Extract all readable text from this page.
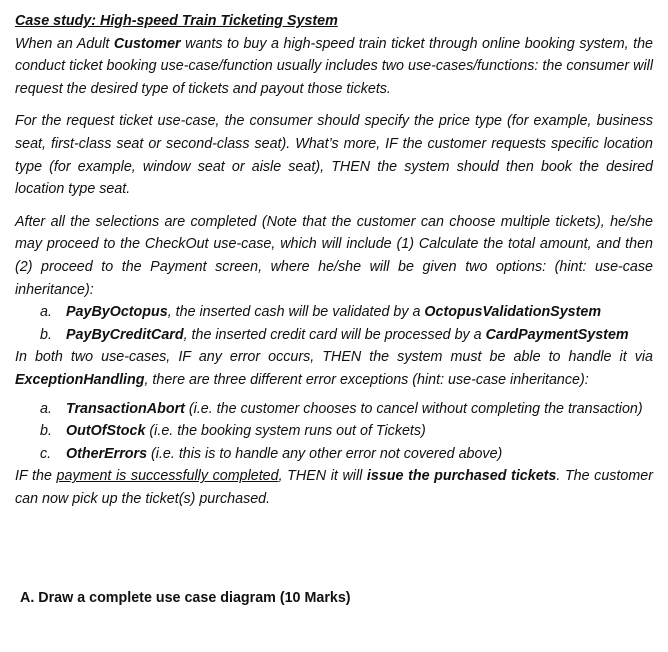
Case study: High-speed Train Ticketing System

When an Adult Customer wants to buy a high-speed train ticket through online booking system, the conduct ticket booking use-case/function usually includes two use-cases/functions: the consumer will request the desired type of tickets and payout those tickets.

For the request ticket use-case, the consumer should specify the price type (for example, business seat, first-class seat or second-class seat). What’s more, IF the customer requests specific location type (for example, window seat or aisle seat), THEN the system should then book the desired location type seat.

After all the selections are completed (Note that the customer can choose multiple tickets), he/she may proceed to the CheckOut use-case, which will include (1) Calculate the total amount, and then (2) proceed to the Payment screen, where he/she will be given two options: (hint: use-case inheritance):

a. PayByOctopus, the inserted cash will be validated by a OctopusValidationSystem
b. PayByCreditCard, the inserted credit card will be processed by a CardPaymentSystem

In both two use-cases, IF any error occurs, THEN the system must be able to handle it via ExceptionHandling, there are three different error exceptions (hint: use-case inheritance):

a. TransactionAbort (i.e. the customer chooses to cancel without completing the transaction)
b. OutOfStock (i.e. the booking system runs out of Tickets)
c.	OtherErrors (i.e. this is to handle any other error not covered above)

IF the payment is successfully completed, THEN it will issue the purchased tickets. The customer can now pick up the ticket(s) purchased.

A. Draw a complete use case diagram (10 Marks)
